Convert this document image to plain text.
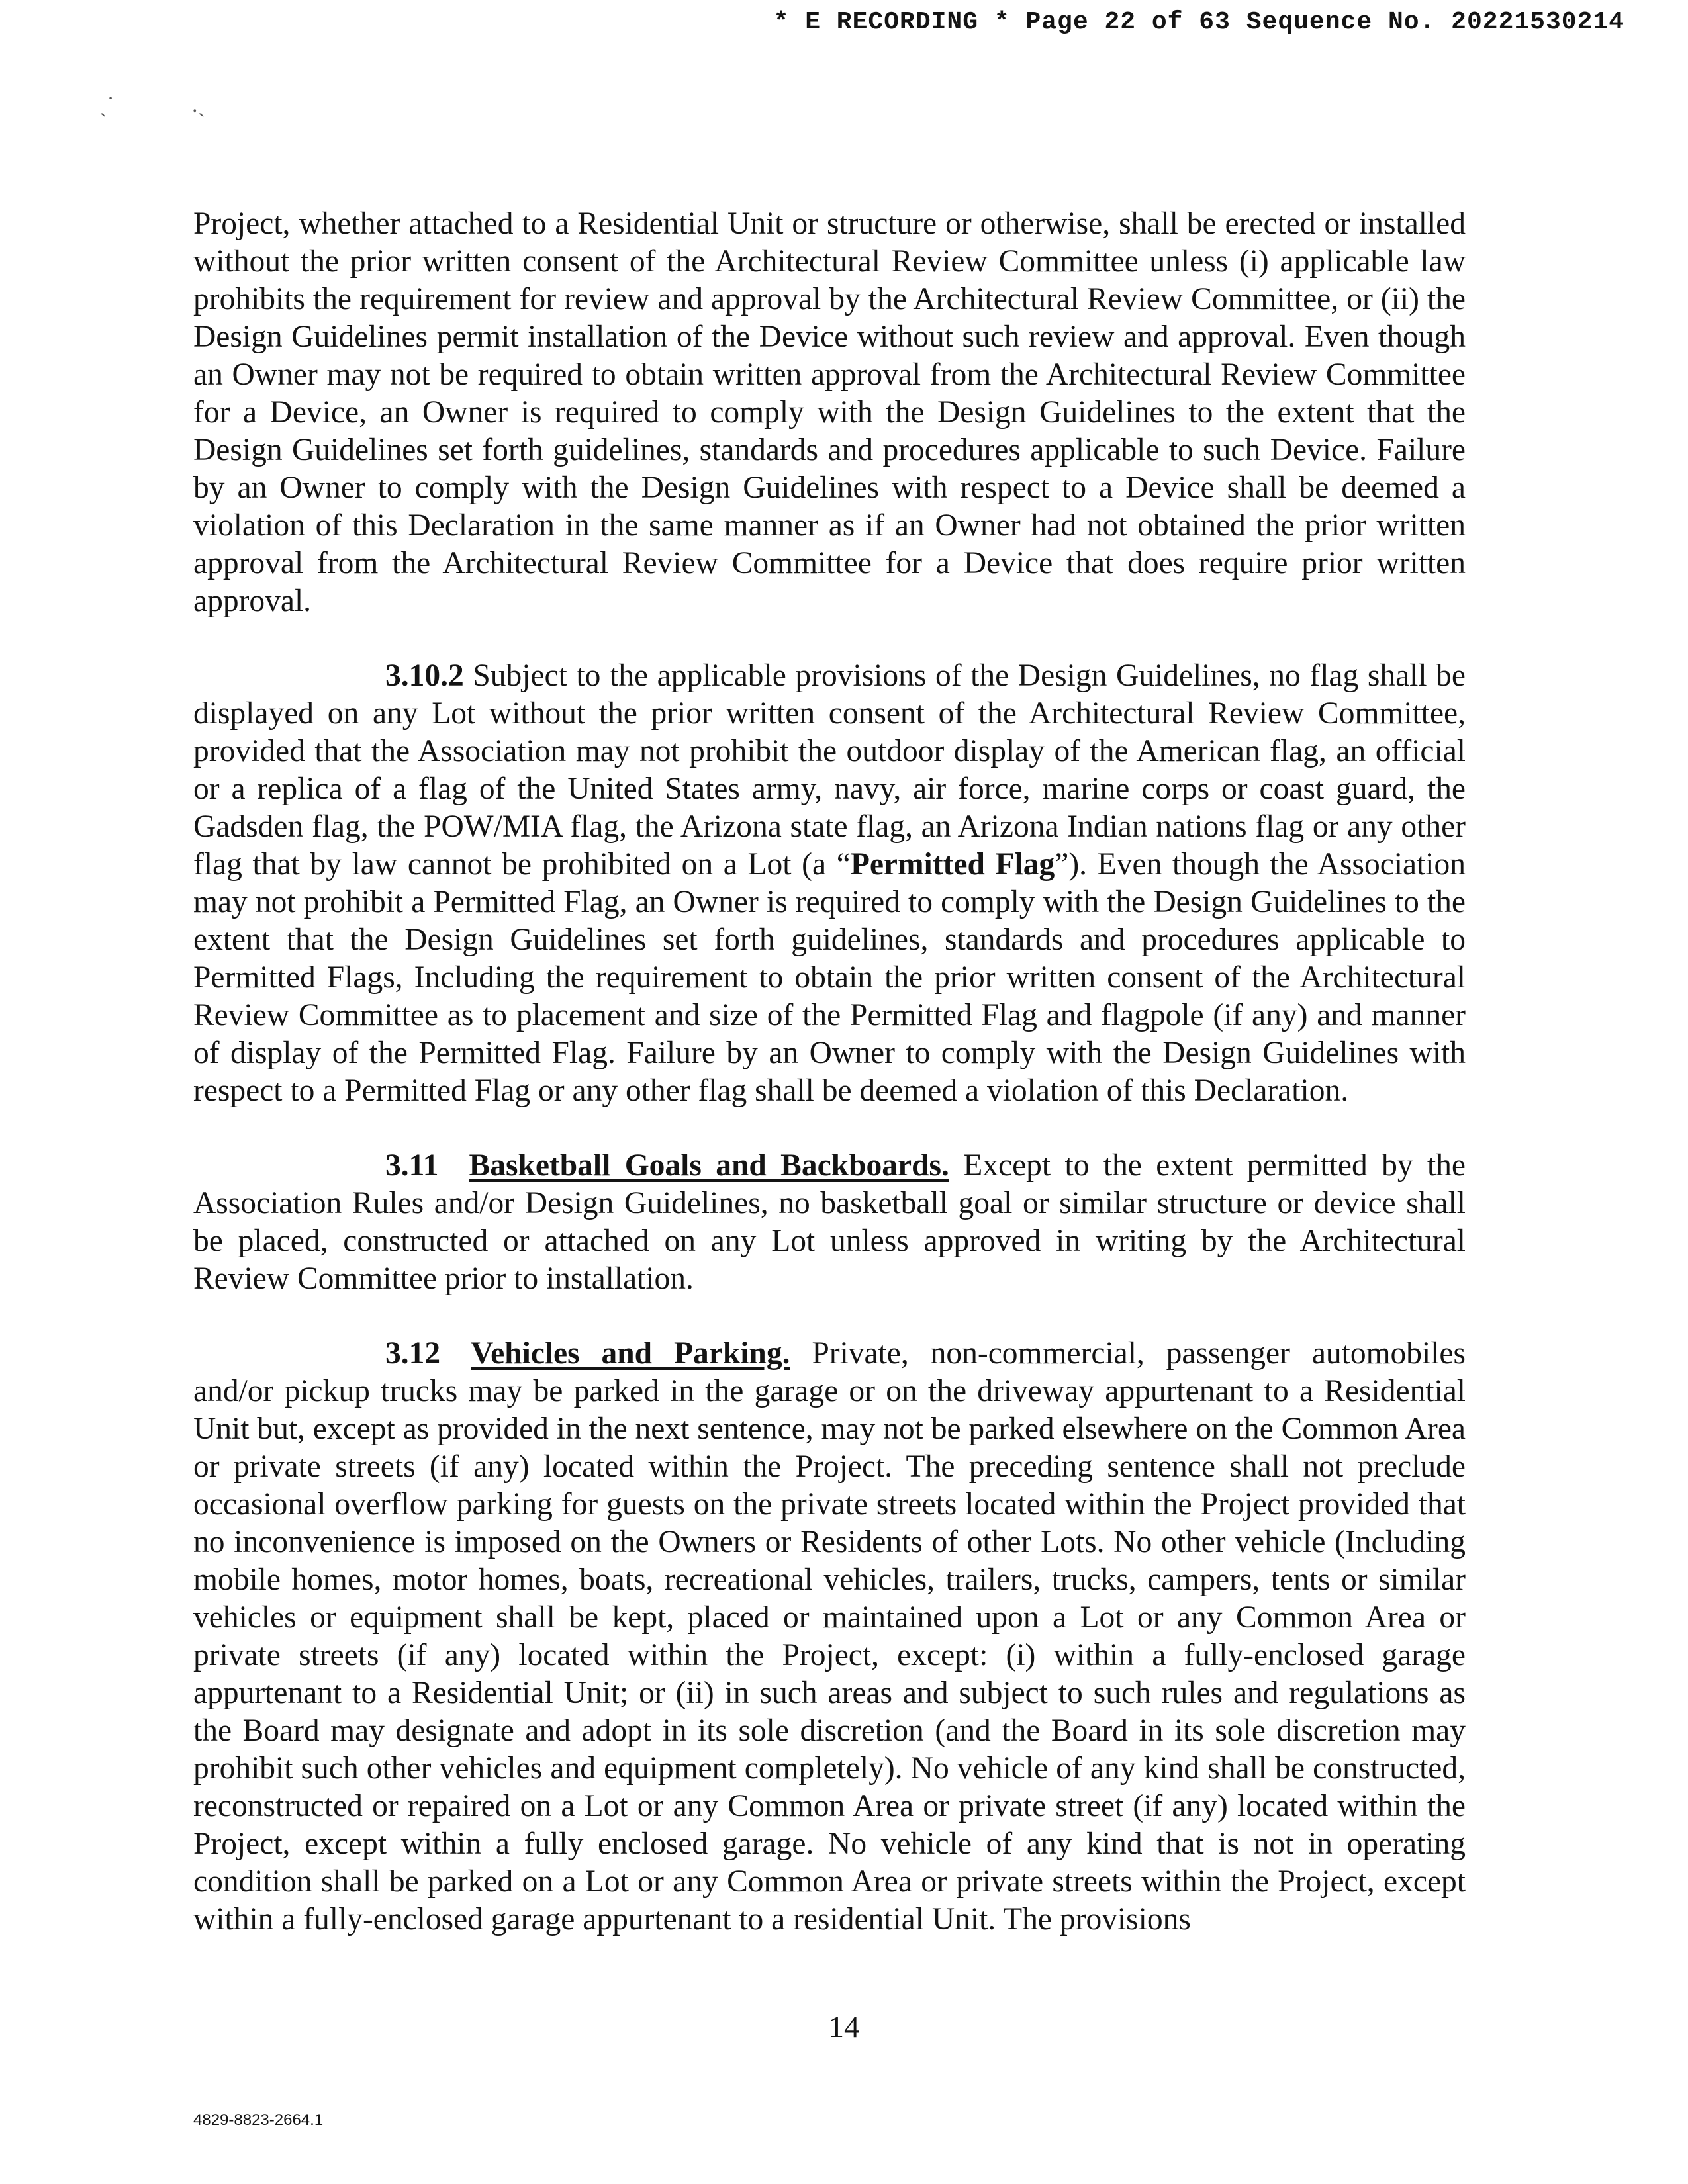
* E RECORDING * Page 22 of 63 Sequence No. 20221530214
ˎ˙	.ˎ

Project, whether attached to a Residential Unit or structure or otherwise, shall be erected or installed without the prior written consent of the Architectural Review Committee unless (i) applicable law prohibits the requirement for review and approval by the Architectural Review Committee, or (ii) the Design Guidelines permit installation of the Device without such review and approval. Even though an Owner may not be required to obtain written approval from the Architectural Review Committee for a Device, an Owner is required to comply with the Design Guidelines to the extent that the Design Guidelines set forth guidelines, standards and procedures applicable to such Device. Failure by an Owner to comply with the Design Guidelines with respect to a Device shall be deemed a violation of this Declaration in the same manner as if an Owner had not obtained the prior written approval from the Architectural Review Committee for a Device that does require prior written approval.

3.10.2 Subject to the applicable provisions of the Design Guidelines, no flag shall be displayed on any Lot without the prior written consent of the Architectural Review Committee, provided that the Association may not prohibit the outdoor display of the American flag, an official or a replica of a flag of the United States army, navy, air force, marine corps or coast guard, the Gadsden flag, the POW/MIA flag, the Arizona state flag, an Arizona Indian nations flag or any other flag that by law cannot be prohibited on a Lot (a “Permitted Flag”). Even though the Association may not prohibit a Permitted Flag, an Owner is required to comply with the Design Guidelines to the extent that the Design Guidelines set forth guidelines, standards and procedures applicable to Permitted Flags, Including the requirement to obtain the prior written consent of the Architectural Review Committee as to placement and size of the Permitted Flag and flagpole (if any) and manner of display of the Permitted Flag. Failure by an Owner to comply with the Design Guidelines with respect to a Permitted Flag or any other flag shall be deemed a violation of this Declaration.

3.11 Basketball Goals and Backboards. Except to the extent permitted by the Association Rules and/or Design Guidelines, no basketball goal or similar structure or device shall be placed, constructed or attached on any Lot unless approved in writing by the Architectural Review Committee prior to installation.

3.12 Vehicles and Parking. Private, non-commercial, passenger automobiles and/or pickup trucks may be parked in the garage or on the driveway appurtenant to a Residential Unit but, except as provided in the next sentence, may not be parked elsewhere on the Common Area or private streets (if any) located within the Project. The preceding sentence shall not preclude occasional overflow parking for guests on the private streets located within the Project provided that no inconvenience is imposed on the Owners or Residents of other Lots. No other vehicle (Including mobile homes, motor homes, boats, recreational vehicles, trailers, trucks, campers, tents or similar vehicles or equipment shall be kept, placed or maintained upon a Lot or any Common Area or private streets (if any) located within the Project, except: (i) within a fully-enclosed garage appurtenant to a Residential Unit; or (ii) in such areas and subject to such rules and regulations as the Board may designate and adopt in its sole discretion (and the Board in its sole discretion may prohibit such other vehicles and equipment completely). No vehicle of any kind shall be constructed, reconstructed or repaired on a Lot or any Common Area or private street (if any) located within the Project, except within a fully enclosed garage. No vehicle of any kind that is not in operating condition shall be parked on a Lot or any Common Area or private streets within the Project, except within a fully-enclosed garage appurtenant to a residential Unit. The provisions

14
4829-8823-2664.1
